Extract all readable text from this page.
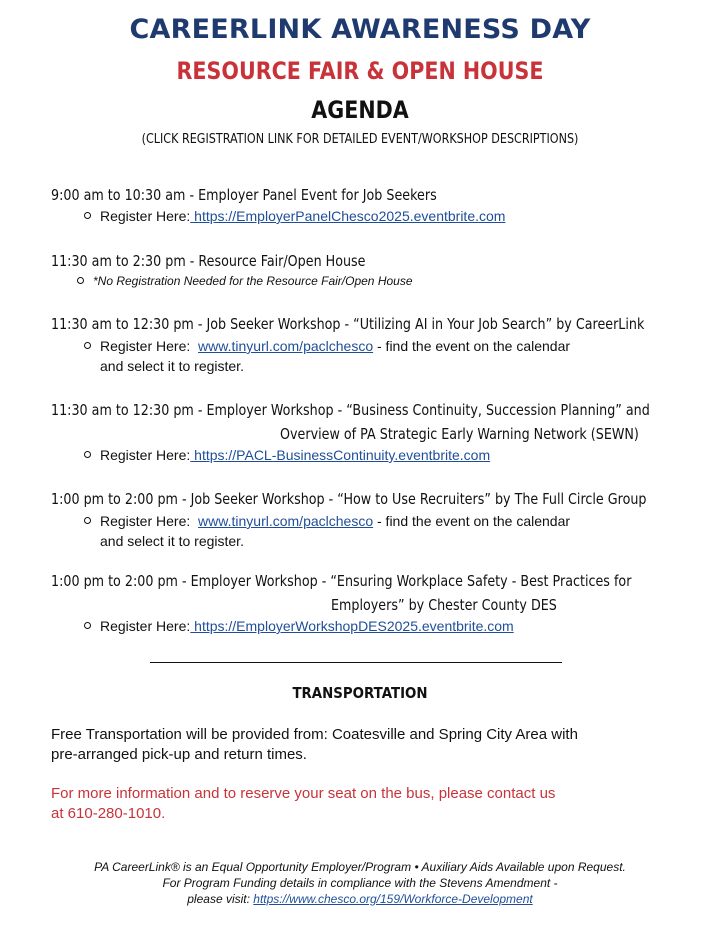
CAREERLINK AWARENESS DAY
RESOURCE FAIR & OPEN HOUSE
AGENDA
(CLICK REGISTRATION LINK FOR DETAILED EVENT/WORKSHOP DESCRIPTIONS)
9:00 am to 10:30 am - Employer Panel Event for Job Seekers
Register Here: https://EmployerPanelChesco2025.eventbrite.com
11:30 am to 2:30 pm - Resource Fair/Open House
*No Registration Needed for the Resource Fair/Open House
11:30 am to 12:30 pm - Job Seeker Workshop - “Utilizing AI in Your Job Search” by CareerLink
Register Here: www.tinyurl.com/paclchesco - find the event on the calendar
and select it to register.
11:30 am to 12:30 pm - Employer Workshop - “Business Continuity, Succession Planning” and
Overview of PA Strategic Early Warning Network (SEWN)
Register Here: https://PACL-BusinessContinuity.eventbrite.com
1:00 pm to 2:00 pm - Job Seeker Workshop - “How to Use Recruiters” by The Full Circle Group
Register Here: www.tinyurl.com/paclchesco - find the event on the calendar
and select it to register.
1:00 pm to 2:00 pm - Employer Workshop - “Ensuring Workplace Safety - Best Practices for
Employers” by Chester County DES
Register Here: https://EmployerWorkshopDES2025.eventbrite.com
TRANSPORTATION
Free Transportation will be provided from: Coatesville and Spring City Area with
pre-arranged pick-up and return times.
For more information and to reserve your seat on the bus, please contact us
at 610-280-1010.
PA CareerLink® is an Equal Opportunity Employer/Program • Auxiliary Aids Available upon Request.
For Program Funding details in compliance with the Stevens Amendment -
please visit: https://www.chesco.org/159/Workforce-Development
